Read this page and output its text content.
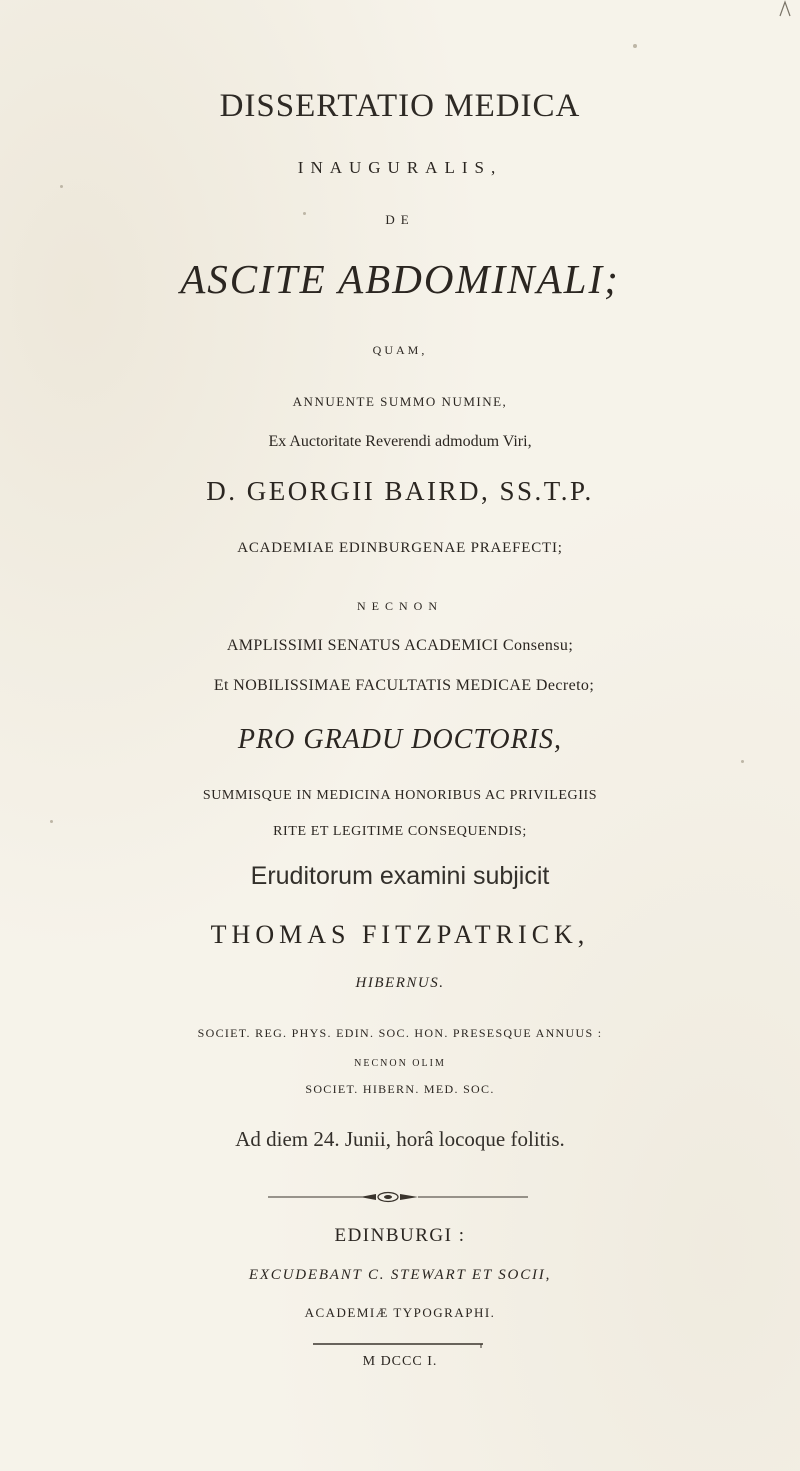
DISSERTATIO MEDICA
INAUGURALIS,
DE
ASCITE ABDOMINALI;
QUAM,
ANNUENTE SUMMO NUMINE,
Ex Auctoritate Reverendi admodum Viri,
D. GEORGII BAIRD, SS.T.P.
ACADEMIAE EDINBURGENAE PRAEFECTI;
NECNON
AMPLISSIMI SENATUS ACADEMICI Consensu;
Et NOBILISSIMAE FACULTATIS MEDICAE Decreto;
PRO GRADU DOCTORIS,
SUMMISQUE IN MEDICINA HONORIBUS AC PRIVILEGIIS
RITE ET LEGITIME CONSEQUENDIS;
Eruditorum examini subjicit
THOMAS FITZPATRICK,
HIBERNUS.
SOCIET. REG. PHYS. EDIN. SOC. HON. PRESESQUE ANNUUS :
NECNON OLIM
SOCIET. HIBERN. MED. SOC.
Ad diem 24. Junii, horâ locoque folitis.
EDINBURGI :
EXCUDEBANT C. STEWART ET SOCII,
ACADEMIÆ TYPOGRAPHI.
M DCCC I.
